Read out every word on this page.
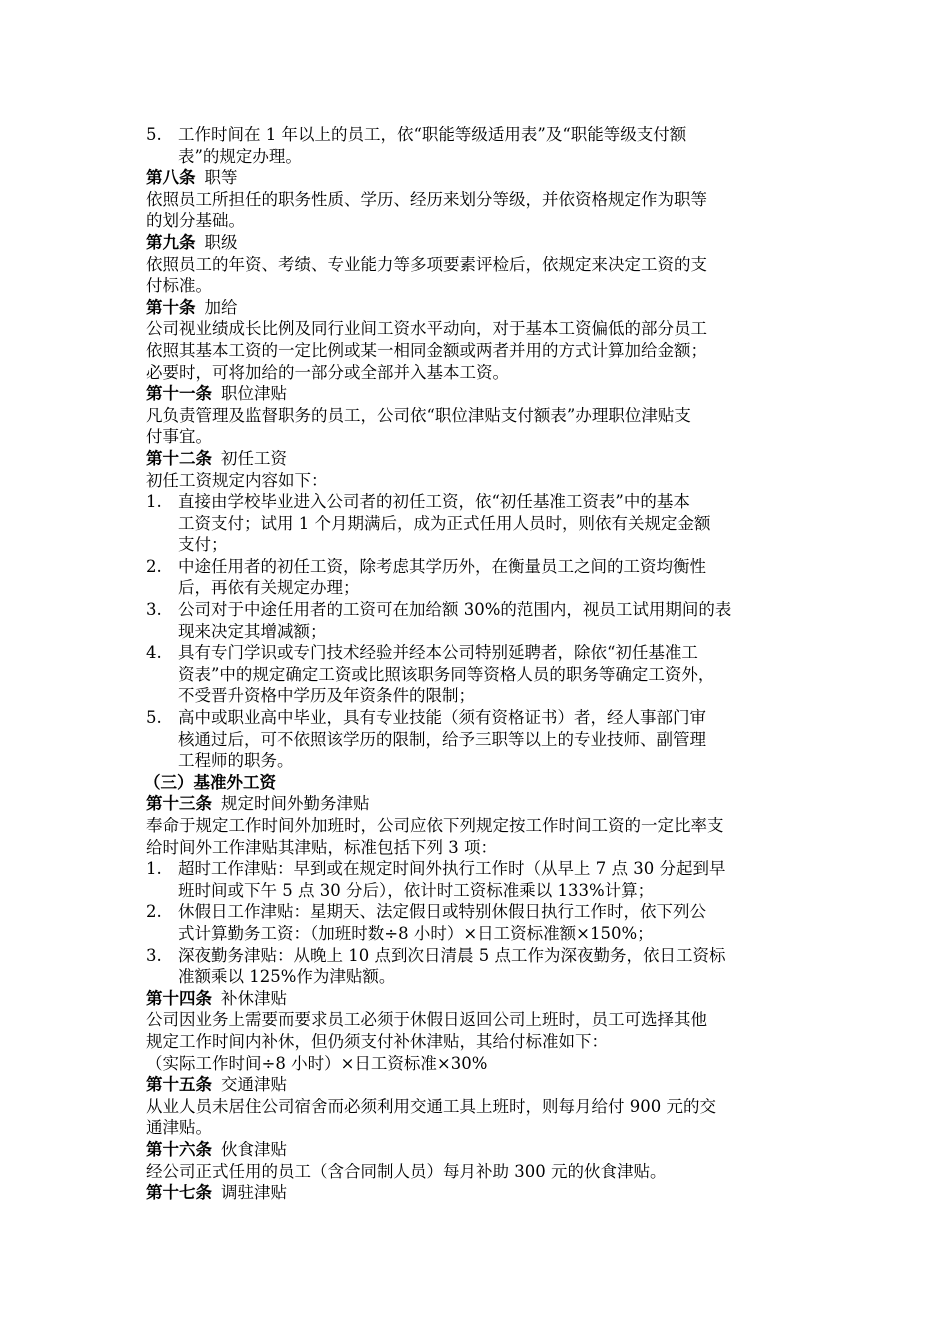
5. 工作时间在 1 年以上的员工，依“职能等级适用表”及“职能等级支付额
表”的规定办理。
第八条 职等
依照员工所担任的职务性质、学历、经历来划分等级，并依资格规定作为职等
的划分基础。
第九条 职级
依照员工的年资、考绩、专业能力等多项要素评检后，依规定来决定工资的支
付标准。
第十条 加给
公司视业绩成长比例及同行业间工资水平动向，对于基本工资偏低的部分员工
依照其基本工资的一定比例或某一相同金额或两者并用的方式计算加给金额；
必要时，可将加给的一部分或全部并入基本工资。
第十一条 职位津贴
凡负责管理及监督职务的员工，公司依“职位津贴支付额表”办理职位津贴支
付事宜。
第十二条 初任工资
初任工资规定内容如下：
1. 直接由学校毕业进入公司者的初任工资，依“初任基准工资表”中的基本
工资支付；试用 1 个月期满后，成为正式任用人员时，则依有关规定金额
支付；
2. 中途任用者的初任工资，除考虑其学历外，在衡量员工之间的工资均衡性
后，再依有关规定办理；
3. 公司对于中途任用者的工资可在加给额 30%的范围内，视员工试用期间的表
现来决定其增减额；
4. 具有专门学识或专门技术经验并经本公司特别延聘者，除依“初任基准工
资表”中的规定确定工资或比照该职务同等资格人员的职务等确定工资外，
不受晋升资格中学历及年资条件的限制；
5. 高中或职业高中毕业，具有专业技能（须有资格证书）者，经人事部门审
核通过后，可不依照该学历的限制，给予三职等以上的专业技师、副管理
工程师的职务。
（三）基准外工资
第十三条 规定时间外勤务津贴
奉命于规定工作时间外加班时，公司应依下列规定按工作时间工资的一定比率支
给时间外工作津贴其津贴，标准包括下列 3 项：
1. 超时工作津贴：早到或在规定时间外执行工作时（从早上 7 点 30 分起到早
班时间或下午 5 点 30 分后），依计时工资标准乘以 133%计算；
2. 休假日工作津贴：星期天、法定假日或特别休假日执行工作时，依下列公
式计算勤务工资：（加班时数÷8 小时）×日工资标准额×150%；
3. 深夜勤务津贴：从晚上 10 点到次日清晨 5 点工作为深夜勤务，依日工资标
准额乘以 125%作为津贴额。
第十四条 补休津贴
公司因业务上需要而要求员工必须于休假日返回公司上班时，员工可选择其他
规定工作时间内补休，但仍须支付补休津贴，其给付标准如下：
（实际工作时间÷8 小时）×日工资标准×30%
第十五条 交通津贴
从业人员未居住公司宿舍而必须利用交通工具上班时，则每月给付 900 元的交
通津贴。
第十六条 伙食津贴
经公司正式任用的员工（含合同制人员）每月补助 300 元的伙食津贴。
第十七条 调驻津贴
